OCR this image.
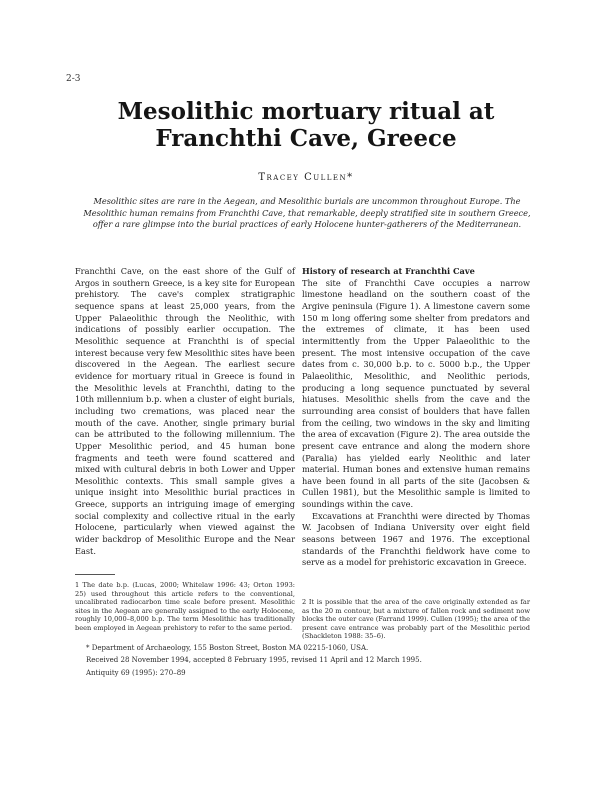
2-3
Mesolithic mortuary ritual at
Franchthi Cave, Greece
Tracey Cullen*
Mesolithic sites are rare in the Aegean, and Mesolithic burials are uncommon throughout Europe. The Mesolithic human remains from Franchthi Cave, that remarkable, deeply stratified site in southern Greece, offer a rare glimpse into the burial practices of early Holocene hunter-gatherers of the Mediterranean.

Franchthi Cave, on the east shore of the Gulf of Argos in southern Greece, is a key site for European prehistory. The cave's complex stratigraphic sequence spans at least 25,000 years, from the Upper Palaeolithic through the Neolithic, with indications of possibly earlier occupation. The Mesolithic sequence at Franchthi is of special interest because very few Mesolithic sites have been discovered in the Aegean. The earliest secure evidence for mortuary ritual in Greece is found in the Mesolithic levels at Franchthi, dating to the 10th millennium b.p. when a cluster of eight burials, including two cremations, was placed near the mouth of the cave. Another, single primary burial can be attributed to the following millennium. The Upper Mesolithic period, and 45 human bone fragments and teeth were found scattered and mixed with cultural debris in both Lower and Upper Mesolithic contexts. This small sample gives a unique insight into Mesolithic burial practices in Greece, supports an intriguing image of emerging social complexity and collective ritual in the early Holocene, particularly when viewed against the wider backdrop of Mesolithic Europe and the Near East.

1 The date b.p. (Lucas, 2000; Whitelaw 1996: 43; Orton 1993: 25) used throughout this article refers to the conventional, uncalibrated radiocarbon time scale before present. Mesolithic sites in the Aegean are generally assigned to the early Holocene, roughly 10,000–8,000 b.p. The term Mesolithic has traditionally been employed in Aegean prehistory to refer to the same period.

History of research at Franchthi Cave

The site of Franchthi Cave occupies a narrow limestone headland on the southern coast of the Argive peninsula (Figure 1). A limestone cavern some 150 m long offering some shelter from predators and the extremes of climate, it has been used intermittently from the Upper Palaeolithic to the present. The most intensive occupation of the cave dates from c. 30,000 b.p. to c. 5000 b.p., the Upper Palaeolithic, Mesolithic, and Neolithic periods, producing a long sequence punctuated by several hiatuses. Mesolithic shells from the cave and the surrounding area consist of boulders that have fallen from the ceiling, two windows in the sky and limiting the area of excavation (Figure 2). The area outside the present cave entrance and along the modern shore (Paralia) has yielded early Neolithic and later material. Human bones and extensive human remains have been found in all parts of the site (Jacobsen & Cullen 1981), but the Mesolithic sample is limited to soundings within the cave.

Excavations at Franchthi were directed by Thomas W. Jacobsen of Indiana University over eight field seasons between 1967 and 1976. The exceptional standards of the Franchthi fieldwork have come to serve as a model for prehistoric excavation in Greece.

2 It is possible that the area of the cave originally extended as far as the 20 m contour, but a mixture of fallen rock and sediment now blocks the outer cave (Farrand 1999). Cullen (1995); the area of the present cave entrance was probably part of the Mesolithic period (Shackleton 1988: 35–6).
* Department of Archaeology, 155 Boston Street, Boston MA 02215-1060, USA.
Received 28 November 1994, accepted 8 February 1995, revised 11 April and 12 March 1995.
Antiquity 69 (1995): 270–89
